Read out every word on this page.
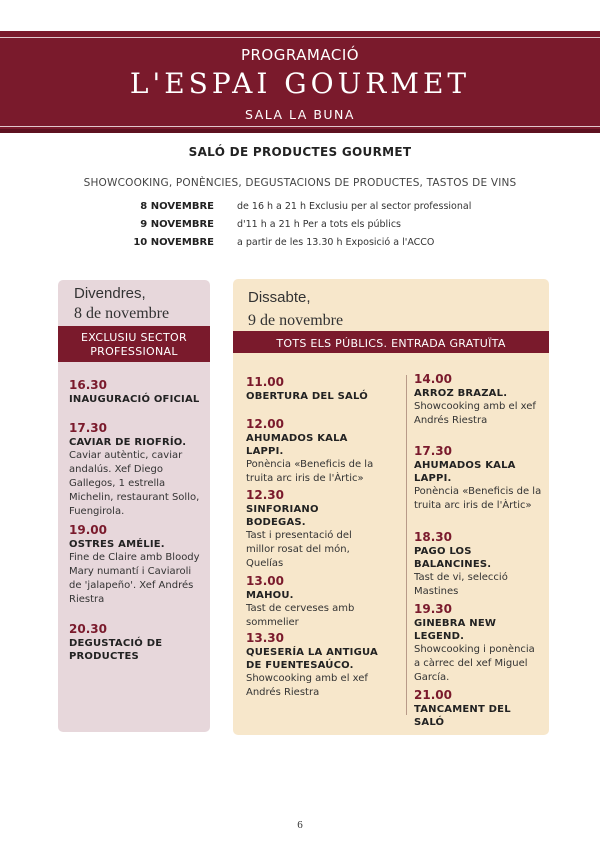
PROGRAMACIÓ
L'ESPAI GOURMET
SALA LA BUNA
SALÓ DE PRODUCTES GOURMET
SHOWCOOKING, PONÈNCIES, DEGUSTACIONS DE PRODUCTES, TASTOS DE VINS
8 NOVEMBRE de 16 h a 21 h Exclusiu per al sector professional
9 NOVEMBRE d'11 h a 21 h Per a tots els públics
10 NOVEMBRE a partir de les 13.30 h Exposició a l'ACCO
Divendres,
8 de novembre
EXCLUSIU SECTOR PROFESSIONAL
16.30
INAUGURACIÓ OFICIAL
17.30
CAVIAR DE RIOFRÍO.
Caviar autèntic, caviar andalús. Xef Diego Gallegos, 1 estrella Michelin, restaurant Sollo, Fuengirola.
19.00
OSTRES AMÉLIE.
Fine de Claire amb Bloody Mary numantí i Caviaroli de 'jalapeño'. Xef Andrés Riestra
20.30
DEGUSTACIÓ DE PRODUCTES
Dissabte,
9 de novembre
TOTS ELS PÚBLICS. ENTRADA GRATUÏTA
11.00
OBERTURA DEL SALÓ
12.00
AHUMADOS KALA LAPPI.
Ponència «Beneficis de la truita arc iris de l'Àrtic»
12.30
SINFORIANO BODEGAS.
Tast i presentació del millor rosat del món, Quelías
13.00
MAHOU.
Tast de cerveses amb sommelier
13.30
QUESERÍA LA ANTIGUA DE FUENTESAÚCO.
Showcooking amb el xef Andrés Riestra
14.00
ARROZ BRAZAL.
Showcooking amb el xef Andrés Riestra
17.30
AHUMADOS KALA LAPPI.
Ponència «Beneficis de la truita arc iris de l'Àrtic»
18.30
PAGO LOS BALANCINES.
Tast de vi, selecció Mastines
19.30
GINEBRA NEW LEGEND.
Showcooking i ponència a càrrec del xef Miguel García.
21.00
TANCAMENT DEL SALÓ
6
